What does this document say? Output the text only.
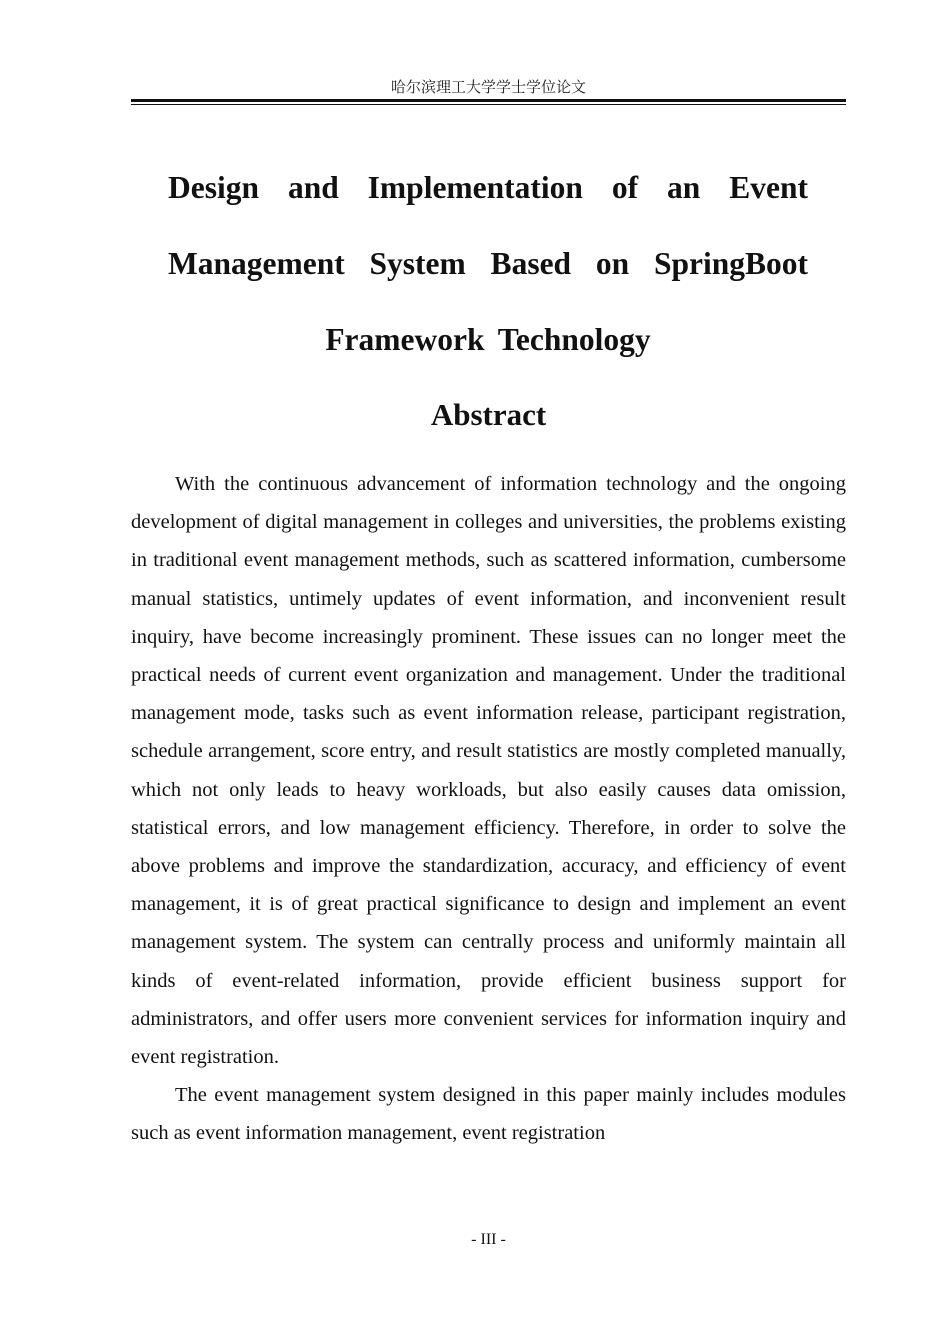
哈尔滨理工大学学士学位论文
Design and Implementation of an Event Management System Based on SpringBoot Framework Technology
Abstract

With the continuous advancement of information technology and the ongoing development of digital management in colleges and universities, the problems existing in traditional event management methods, such as scattered information, cumbersome manual statistics, untimely updates of event information, and inconvenient result inquiry, have become increasingly prominent. These issues can no longer meet the practical needs of current event organization and management. Under the traditional management mode, tasks such as event information release, participant registration, schedule arrangement, score entry, and result statistics are mostly completed manually, which not only leads to heavy workloads, but also easily causes data omission, statistical errors, and low management efficiency. Therefore, in order to solve the above problems and improve the standardization, accuracy, and efficiency of event management, it is of great practical significance to design and implement an event management system. The system can centrally process and uniformly maintain all kinds of event-related information, provide efficient business support for administrators, and offer users more convenient services for information inquiry and event registration.

The event management system designed in this paper mainly includes modules such as event information management, event registration

- III -
